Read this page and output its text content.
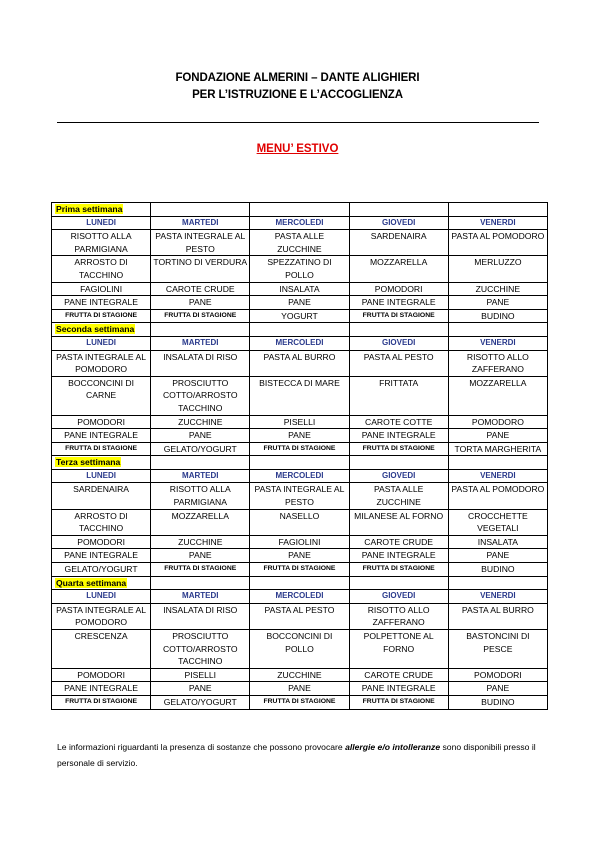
FONDAZIONE ALMERINI – DANTE ALIGHIERI
PER L’ISTRUZIONE E L’ACCOGLIENZA
MENU’ ESTIVO
Prima settimana				
LUNEDI	MARTEDI	MERCOLEDI	GIOVEDI	VENERDI
RISOTTO ALLA PARMIGIANA	PASTA INTEGRALE AL PESTO	PASTA ALLE ZUCCHINE	SARDENAIRA	PASTA AL POMODORO
ARROSTO DI TACCHINO	TORTINO DI VERDURA	SPEZZATINO DI POLLO	MOZZARELLA	MERLUZZO
FAGIOLINI	CAROTE CRUDE	INSALATA	POMODORI	ZUCCHINE
PANE INTEGRALE	PANE	PANE	PANE INTEGRALE	PANE
FRUTTA DI STAGIONE	FRUTTA DI STAGIONE	YOGURT	FRUTTA DI STAGIONE	BUDINO
Seconda settimana				
LUNEDI	MARTEDI	MERCOLEDI	GIOVEDI	VENERDI
PASTA INTEGRALE AL POMODORO	INSALATA DI RISO	PASTA AL BURRO	PASTA AL PESTO	RISOTTO ALLO ZAFFERANO
BOCCONCINI DI CARNE	PROSCIUTTO COTTO/ARROSTO TACCHINO	BISTECCA DI MARE	FRITTATA	MOZZARELLA
POMODORI	ZUCCHINE	PISELLI	CAROTE COTTE	POMODORO
PANE INTEGRALE	PANE	PANE	PANE INTEGRALE	PANE
FRUTTA DI STAGIONE	GELATO/YOGURT	FRUTTA DI STAGIONE	FRUTTA DI STAGIONE	TORTA MARGHERITA
Terza settimana				
LUNEDI	MARTEDI	MERCOLEDI	GIOVEDI	VENERDI
SARDENAIRA	RISOTTO ALLA PARMIGIANA	PASTA INTEGRALE AL PESTO	PASTA ALLE ZUCCHINE	PASTA AL POMODORO
ARROSTO DI TACCHINO	MOZZARELLA	NASELLO	MILANESE AL FORNO	CROCCHETTE VEGETALI
POMODORI	ZUCCHINE	FAGIOLINI	CAROTE CRUDE	INSALATA
PANE INTEGRALE	PANE	PANE	PANE INTEGRALE	PANE
GELATO/YOGURT	FRUTTA DI STAGIONE	FRUTTA DI STAGIONE	FRUTTA DI STAGIONE	BUDINO
Quarta settimana				
LUNEDI	MARTEDI	MERCOLEDI	GIOVEDI	VENERDI
PASTA INTEGRALE AL POMODORO	INSALATA DI RISO	PASTA AL PESTO	RISOTTO ALLO ZAFFERANO	PASTA AL BURRO
CRESCENZA	PROSCIUTTO COTTO/ARROSTO TACCHINO	BOCCONCINI DI POLLO	POLPETTONE AL FORNO	BASTONCINI DI PESCE
POMODORI	PISELLI	ZUCCHINE	CAROTE CRUDE	POMODORI
PANE INTEGRALE	PANE	PANE	PANE INTEGRALE	PANE
FRUTTA DI STAGIONE	GELATO/YOGURT	FRUTTA DI STAGIONE	FRUTTA DI STAGIONE	BUDINO
Le informazioni riguardanti la presenza di sostanze che possono provocare allergie e/o intolleranze sono disponibili presso il personale di servizio.
